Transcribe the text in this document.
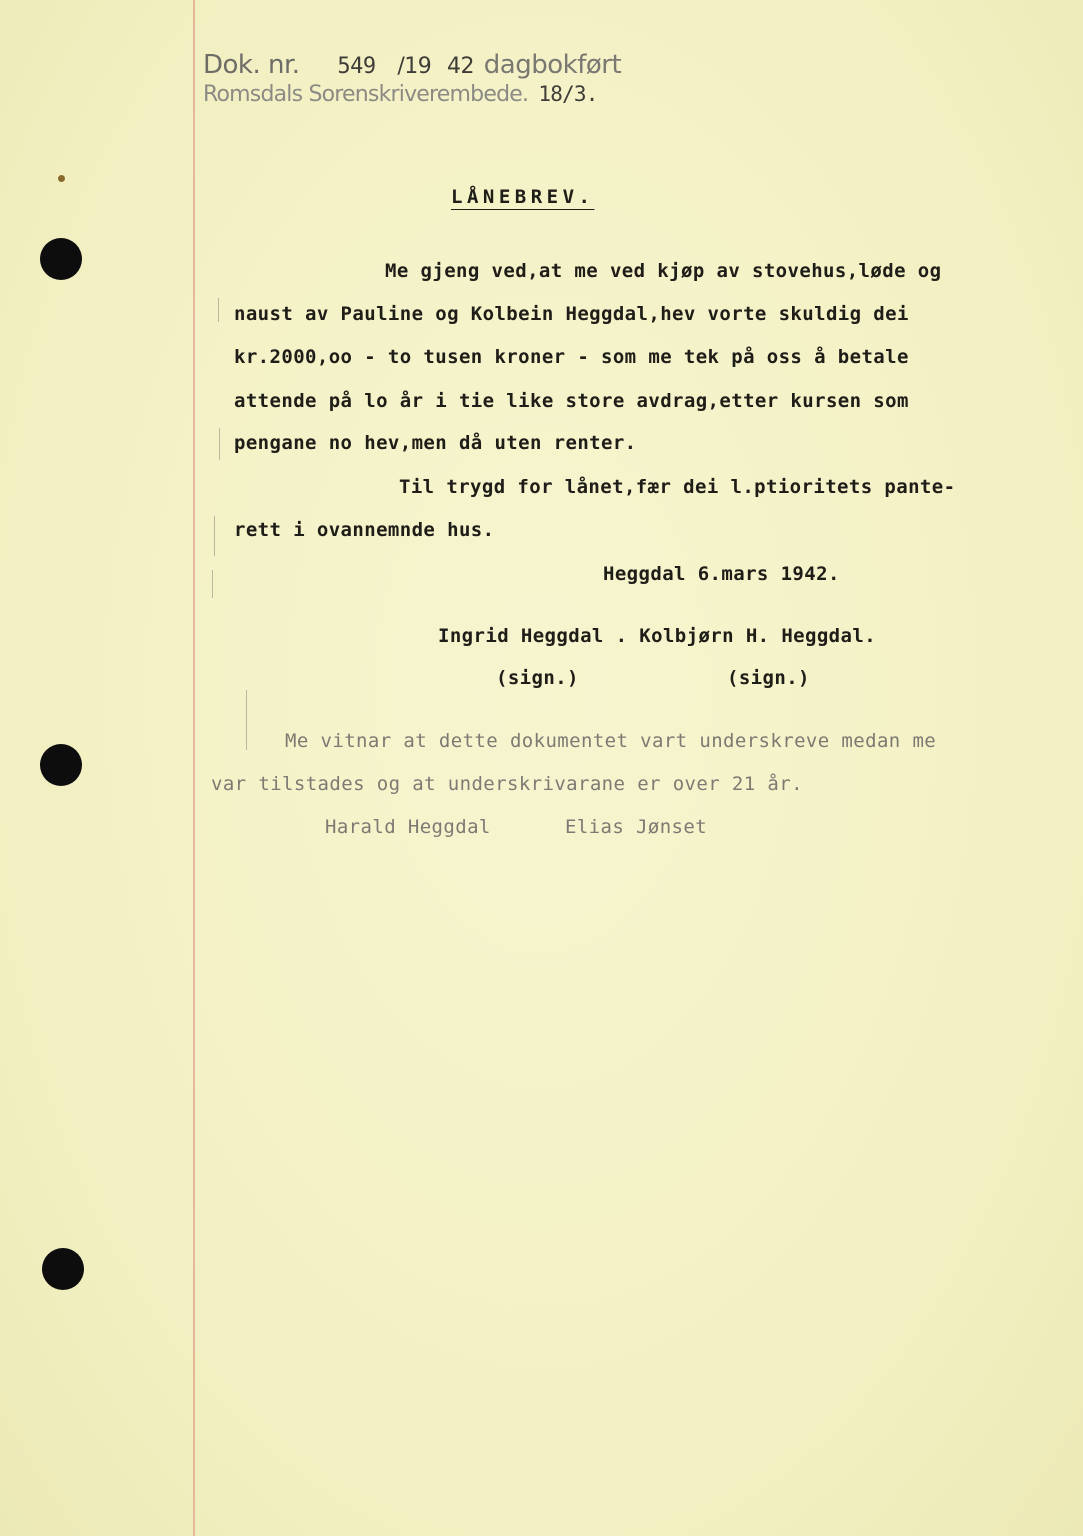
Dok. nr. 549 /19 42 dagbokført
Romsdals Sorenskriverembede. 18/3.
LÅNEBREV.
Me gjeng ved,at me ved kjøp av stovehus,løde og
naust av Pauline og Kolbein Heggdal,hev vorte skuldig dei
kr.2000,oo - to tusen kroner - som me tek på oss å betale
attende på lo år i tie like store avdrag,etter kursen som
pengane no hev,men då uten renter.
Til trygd for lånet,fær dei l.ptioritets pante-
rett i ovannemnde hus.
Heggdal 6.mars 1942.
Ingrid Heggdal . Kolbjørn H. Heggdal.
(sign.)	(sign.)
Me vitnar at dette dokumentet vart underskreve medan me
var tilstades og at underskrivarane er over 21 år.
Harald Heggdal	Elias Jønset
